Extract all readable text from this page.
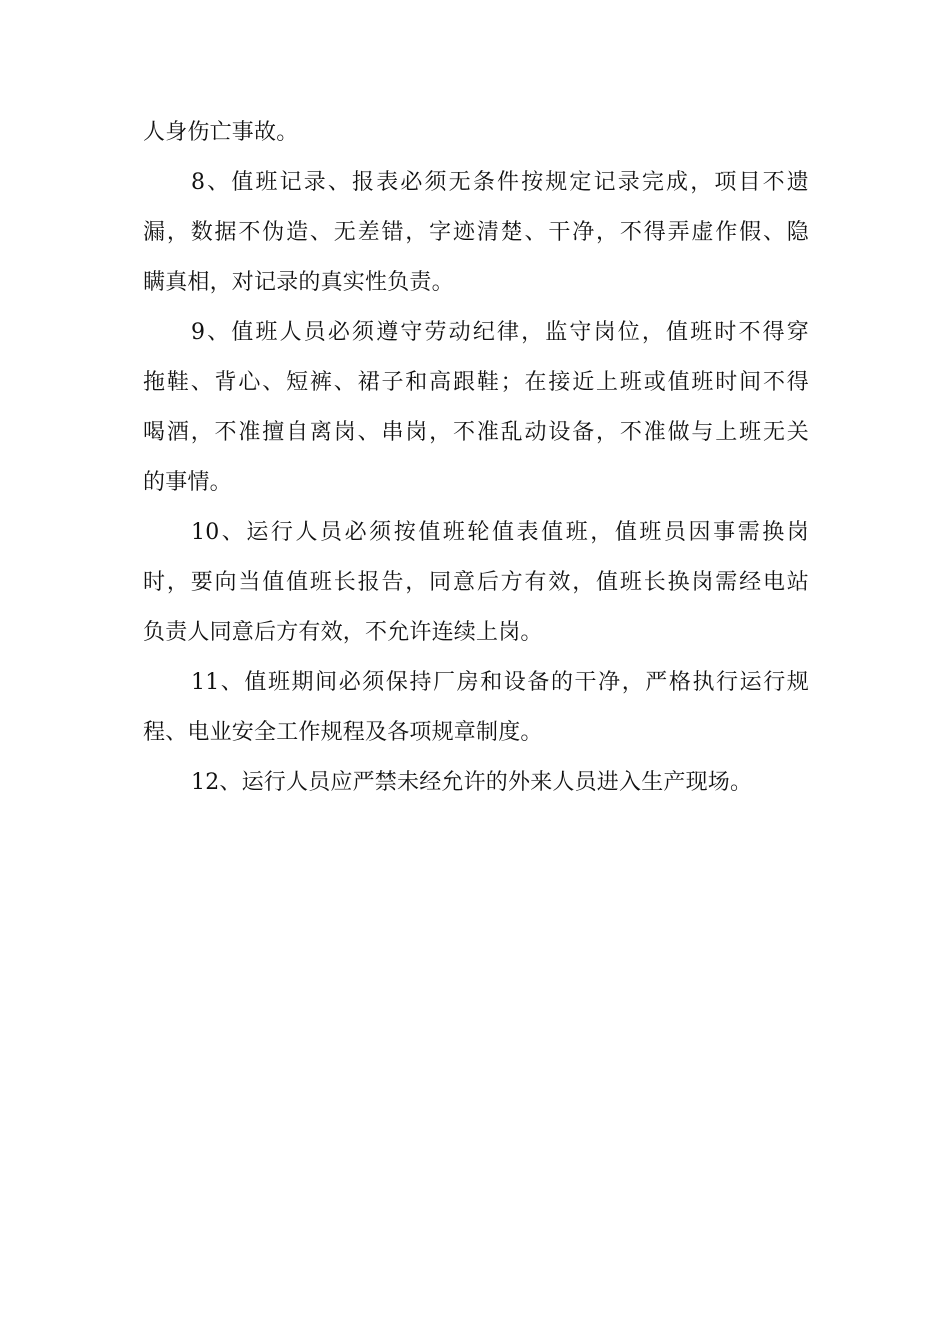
人身伤亡事故。
8、值班记录、报表必须无条件按规定记录完成，项目不遗
漏，数据不伪造、无差错，字迹清楚、干净，不得弄虚作假、隐
瞒真相，对记录的真实性负责。
9、值班人员必须遵守劳动纪律，监守岗位，值班时不得穿
拖鞋、背心、短裤、裙子和高跟鞋；在接近上班或值班时间不得
喝酒，不准擅自离岗、串岗，不准乱动设备，不准做与上班无关
的事情。
10、运行人员必须按值班轮值表值班，值班员因事需换岗
时，要向当值值班长报告，同意后方有效，值班长换岗需经电站
负责人同意后方有效，不允许连续上岗。
11、值班期间必须保持厂房和设备的干净，严格执行运行规
程、电业安全工作规程及各项规章制度。
12、运行人员应严禁未经允许的外来人员进入生产现场。
